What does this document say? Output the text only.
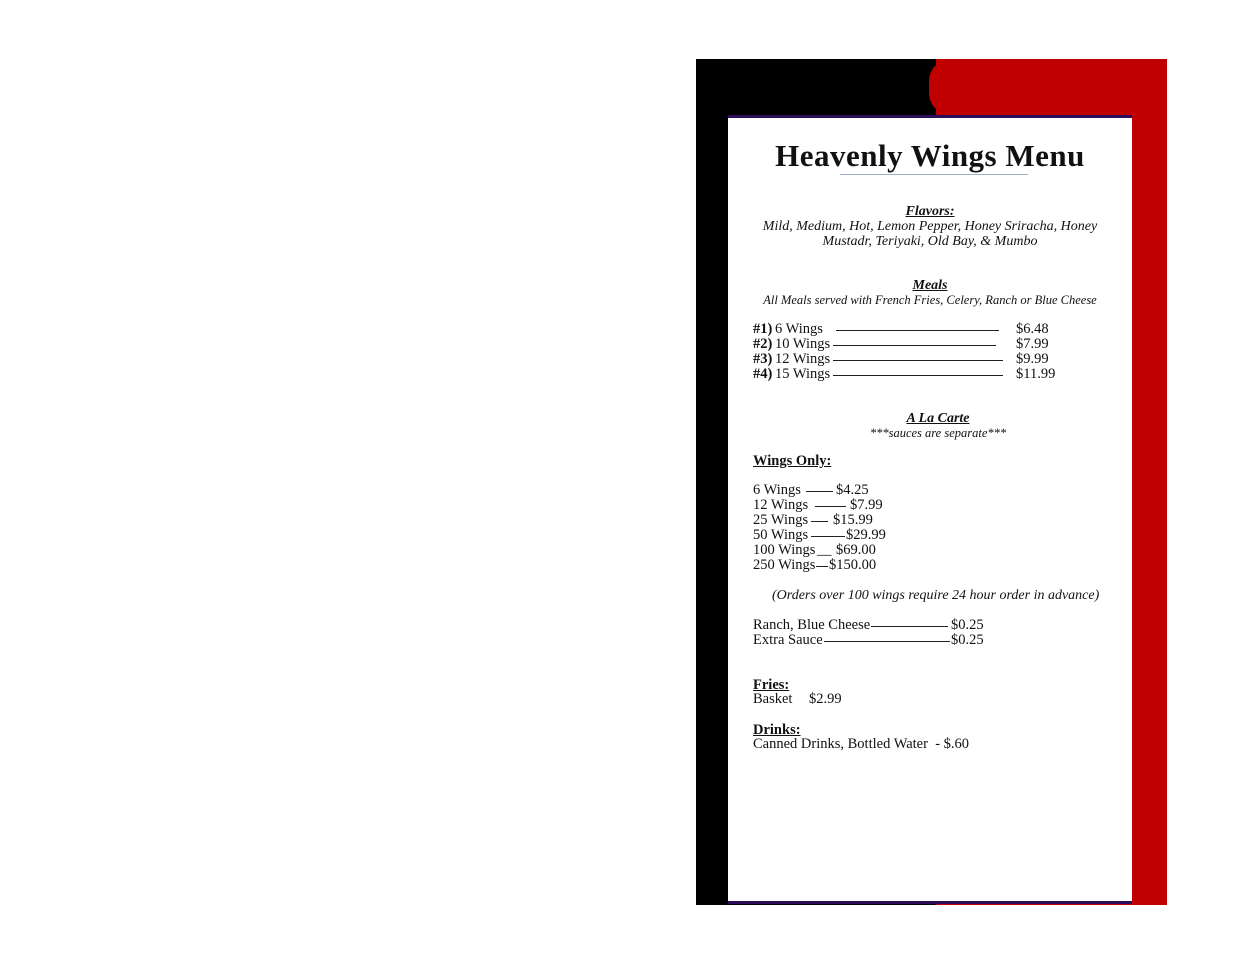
Heavenly Wings Menu
Flavors:
Mild, Medium, Hot, Lemon Pepper, Honey Sriracha, Honey
Mustadr, Teriyaki, Old Bay, & Mumbo
Meals
All Meals served with French Fries, Celery, Ranch or Blue Cheese
#1) 6 Wings	$6.48
#2) 10 Wings	$7.99
#3) 12 Wings	$9.99
#4) 15 Wings	$11.99
A La Carte
***sauces are separate***
Wings Only:
6 Wings $4.25
12 Wings	$7.99
25 Wings $15.99
50 Wings	$29.99
100 Wings __ $69.00
250 Wings $150.00
(Orders over 100 wings require 24 hour order in advance)
Ranch, Blue Cheese	$0.25
Extra Sauce	$0.25
Fries:
Basket $2.99
Drinks:
Canned Drinks, Bottled Water  - $.60
